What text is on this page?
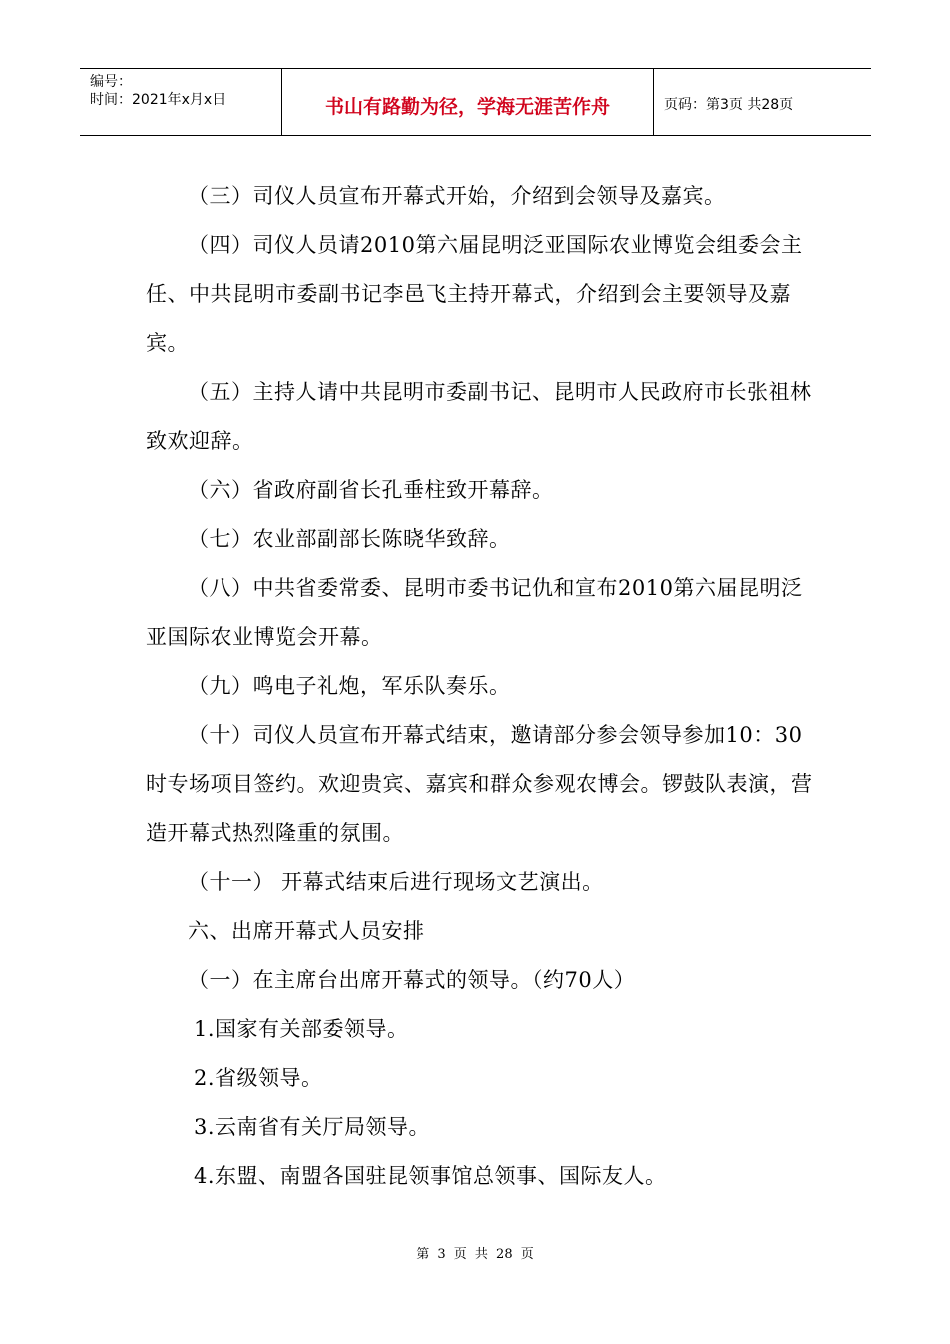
编号：
时间：2021年x月x日	书山有路勤为径，学海无涯苦作舟	页码：第3页 共28页

（三）司仪人员宣布开幕式开始，介绍到会领导及嘉宾。

（四）司仪人员请2010第六届昆明泛亚国际农业博览会组委会主任、中共昆明市委副书记李邑飞主持开幕式，介绍到会主要领导及嘉宾。

（五）主持人请中共昆明市委副书记、昆明市人民政府市长张祖林致欢迎辞。

（六）省政府副省长孔垂柱致开幕辞。

（七）农业部副部长陈晓华致辞。

（八）中共省委常委、昆明市委书记仇和宣布2010第六届昆明泛亚国际农业博览会开幕。

（九）鸣电子礼炮，军乐队奏乐。

（十）司仪人员宣布开幕式结束，邀请部分参会领导参加10：30时专场项目签约。欢迎贵宾、嘉宾和群众参观农博会。锣鼓队表演，营造开幕式热烈隆重的氛围。

（十一） 开幕式结束后进行现场文艺演出。

六、出席开幕式人员安排

（一）在主席台出席开幕式的领导。（约70人）

1.国家有关部委领导。

2.省级领导。

3.云南省有关厅局领导。

4.东盟、南盟各国驻昆领事馆总领事、国际友人。

第 3 页 共 28 页
